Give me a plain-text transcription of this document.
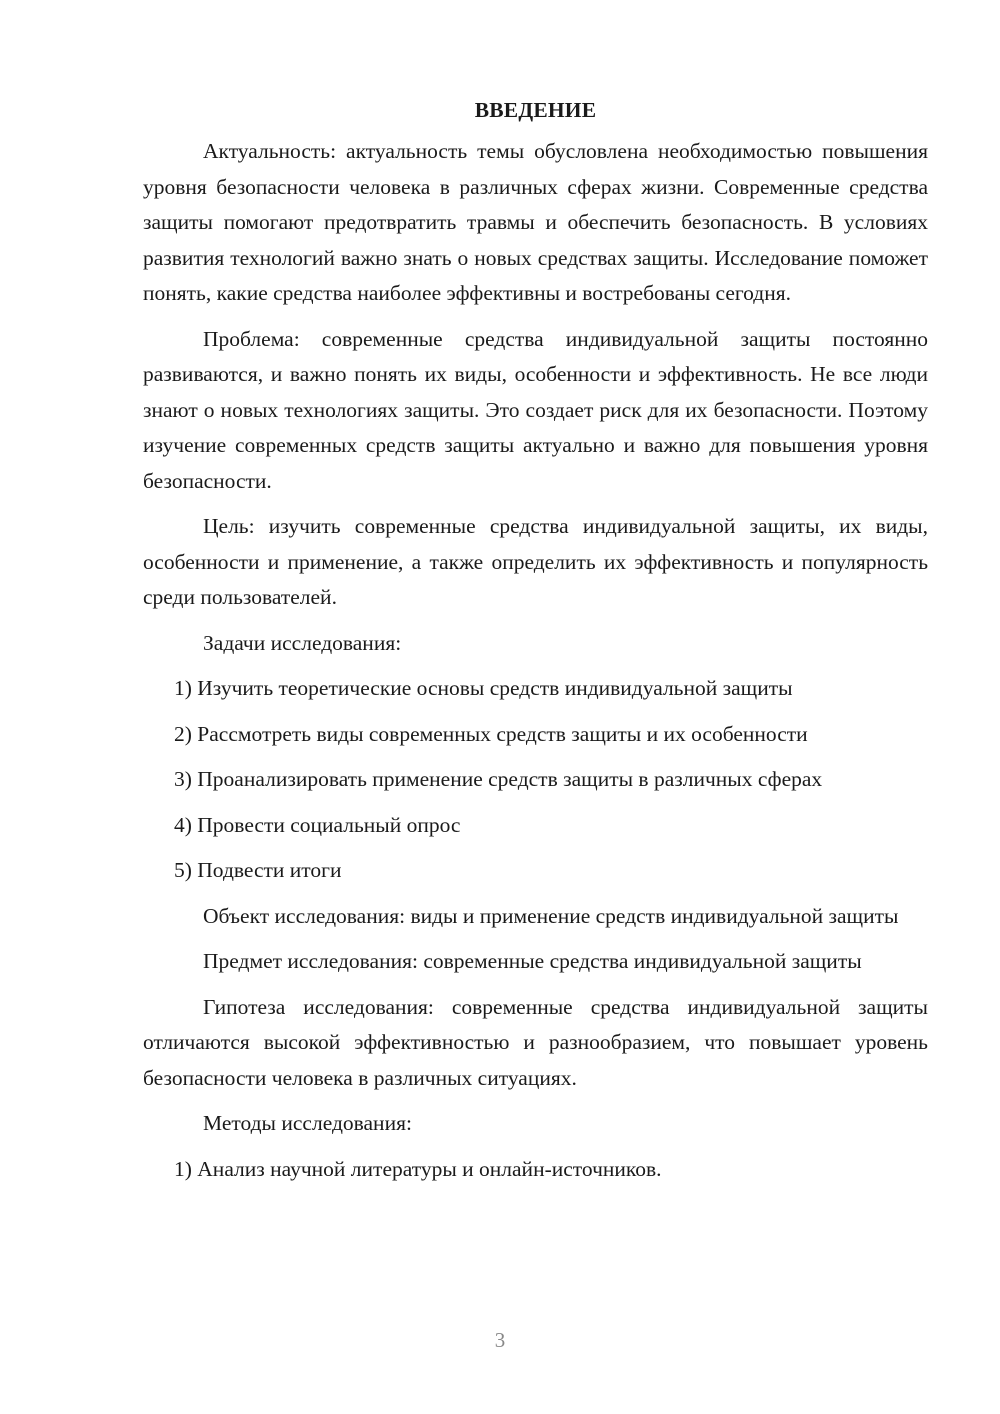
ВВЕДЕНИЕ

Актуальность: актуальность темы обусловлена необходимостью повышения уровня безопасности человека в различных сферах жизни. Современные средства защиты помогают предотвратить травмы и обеспечить безопасность. В условиях развития технологий важно знать о новых средствах защиты. Исследование поможет понять, какие средства наиболее эффективны и востребованы сегодня.

Проблема: современные средства индивидуальной защиты постоянно развиваются, и важно понять их виды, особенности и эффективность. Не все люди знают о новых технологиях защиты. Это создает риск для их безопасности. Поэтому изучение современных средств защиты актуально и важно для повышения уровня безопасности.

Цель: изучить современные средства индивидуальной защиты, их виды, особенности и применение, а также определить их эффективность и популярность среди пользователей.

Задачи исследования:
1) Изучить теоретические основы средств индивидуальной защиты
2) Рассмотреть виды современных средств защиты и их особенности
3) Проанализировать применение средств защиты в различных сферах
4) Провести социальный опрос
5) Подвести итоги

Объект исследования: виды и применение средств индивидуальной защиты

Предмет исследования: современные средства индивидуальной защиты

Гипотеза исследования: современные средства индивидуальной защиты отличаются высокой эффективностью и разнообразием, что повышает уровень безопасности человека в различных ситуациях.

Методы исследования:
1) Анализ научной литературы и онлайн-источников.
3
